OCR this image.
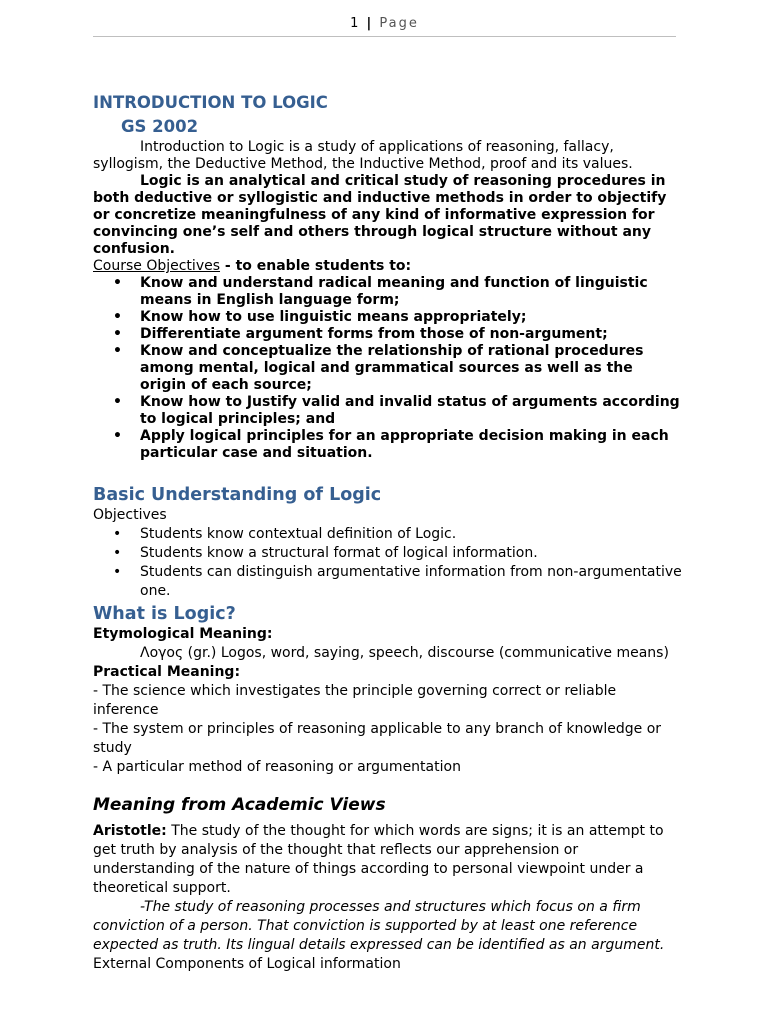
1 | Page

INTRODUCTION TO LOGIC

GS 2002

Introduction to Logic is a study of applications of reasoning, fallacy, syllogism, the Deductive Method, the Inductive Method, proof and its values.

Logic is an analytical and critical study of reasoning procedures in both deductive or syllogistic and inductive methods in order to objectify or concretize meaningfulness of any kind of informative expression for convincing one’s self and others through logical structure without any confusion.

Course Objectives - to enable students to:

• Know and understand radical meaning and function of linguistic means in English language form;
• Know how to use linguistic means appropriately;
• Differentiate argument forms from those of non-argument;
• Know and conceptualize the relationship of rational procedures among mental, logical and grammatical sources as well as the origin of each source;
• Know how to Justify valid and invalid status of arguments according to logical principles; and
• Apply logical principles for an appropriate decision making in each particular case and situation.

Basic Understanding of Logic

Objectives

• Students know contextual definition of Logic.
• Students know a structural format of logical information.
• Students can distinguish argumentative information from non-argumentative one.

What is Logic?

Etymological Meaning:

Λογος (gr.) Logos, word, saying, speech, discourse (communicative means)

Practical Meaning:

- The science which investigates the principle governing correct or reliable inference

- The system or principles of reasoning applicable to any branch of knowledge or study

- A particular method of reasoning or argumentation

Meaning from Academic Views

Aristotle: The study of the thought for which words are signs; it is an attempt to get truth by analysis of the thought that reflects our apprehension or understanding of the nature of things according to personal viewpoint under a theoretical support.

-The study of reasoning processes and structures which focus on a firm conviction of a person. That conviction is supported by at least one reference expected as truth. Its lingual details expressed can be identified as an argument.

External Components of Logical information
